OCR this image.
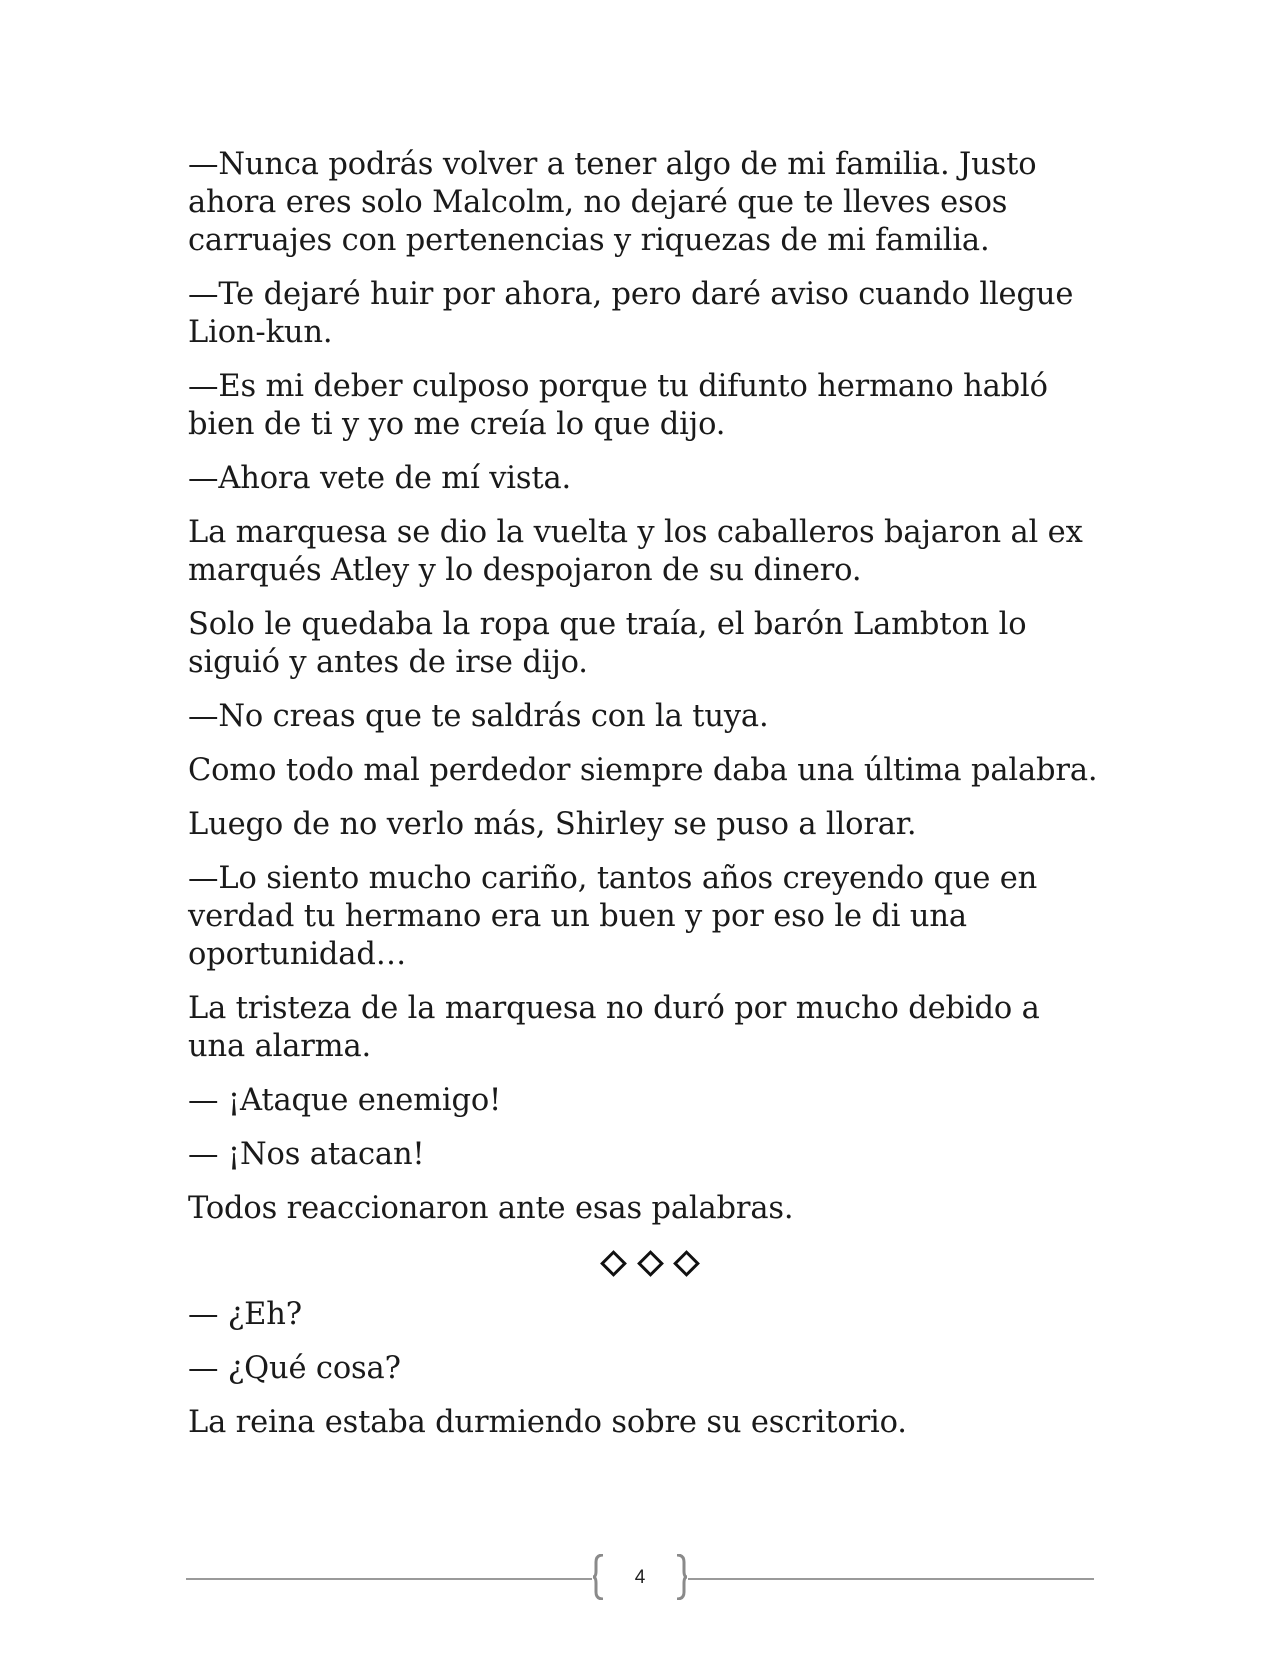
—Nunca podrás volver a tener algo de mi familia. Justo ahora eres solo Malcolm, no dejaré que te lleves esos carruajes con pertenencias y riquezas de mi familia.

—Te dejaré huir por ahora, pero daré aviso cuando llegue Lion-kun.

—Es mi deber culposo porque tu difunto hermano habló bien de ti y yo me creía lo que dijo.

—Ahora vete de mí vista.

La marquesa se dio la vuelta y los caballeros bajaron al ex marqués Atley y lo despojaron de su dinero.

Solo le quedaba la ropa que traía, el barón Lambton lo siguió y antes de irse dijo.

—No creas que te saldrás con la tuya.

Como todo mal perdedor siempre daba una última palabra.

Luego de no verlo más, Shirley se puso a llorar.

—Lo siento mucho cariño, tantos años creyendo que en verdad tu hermano era un buen y por eso le di una oportunidad…

La tristeza de la marquesa no duró por mucho debido a una alarma.

— ¡Ataque enemigo!

— ¡Nos atacan!

Todos reaccionaron ante esas palabras.

— ¿Eh?

— ¿Qué cosa?

La reina estaba durmiendo sobre su escritorio.

4
